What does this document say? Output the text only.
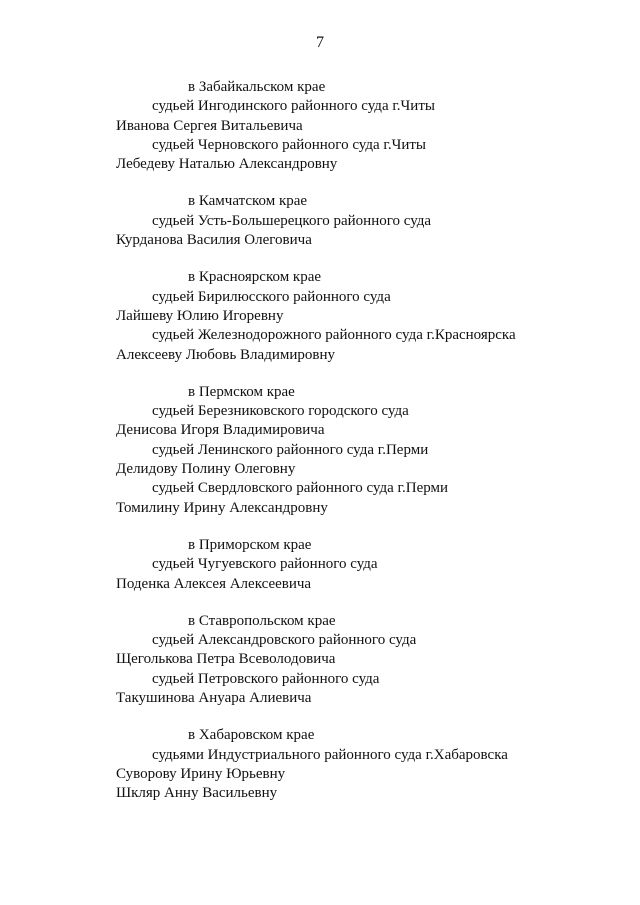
7
в Забайкальском крае
судьей Ингодинского районного суда г.Читы
Иванова Сергея Витальевича
судьей Черновского районного суда г.Читы
Лебедеву Наталью Александровну
в Камчатском крае
судьей Усть-Большерецкого районного суда
Курданова Василия Олеговича
в Красноярском крае
судьей Бирилюсского районного суда
Лайшеву Юлию Игоревну
судьей Железнодорожного районного суда г.Красноярска
Алексееву Любовь Владимировну
в Пермском крае
судьей Березниковского городского суда
Денисова Игоря Владимировича
судьей Ленинского районного суда г.Перми
Делидову Полину Олеговну
судьей Свердловского районного суда г.Перми
Томилину Ирину Александровну
в Приморском крае
судьей Чугуевского районного суда
Поденка Алексея Алексеевича
в Ставропольском крае
судьей Александровского районного суда
Щеголькова Петра Всеволодовича
судьей Петровского районного суда
Такушинова Ануара Алиевича
в Хабаровском крае
судьями Индустриального районного суда г.Хабаровска
Суворову Ирину Юрьевну
Шкляр Анну Васильевну
